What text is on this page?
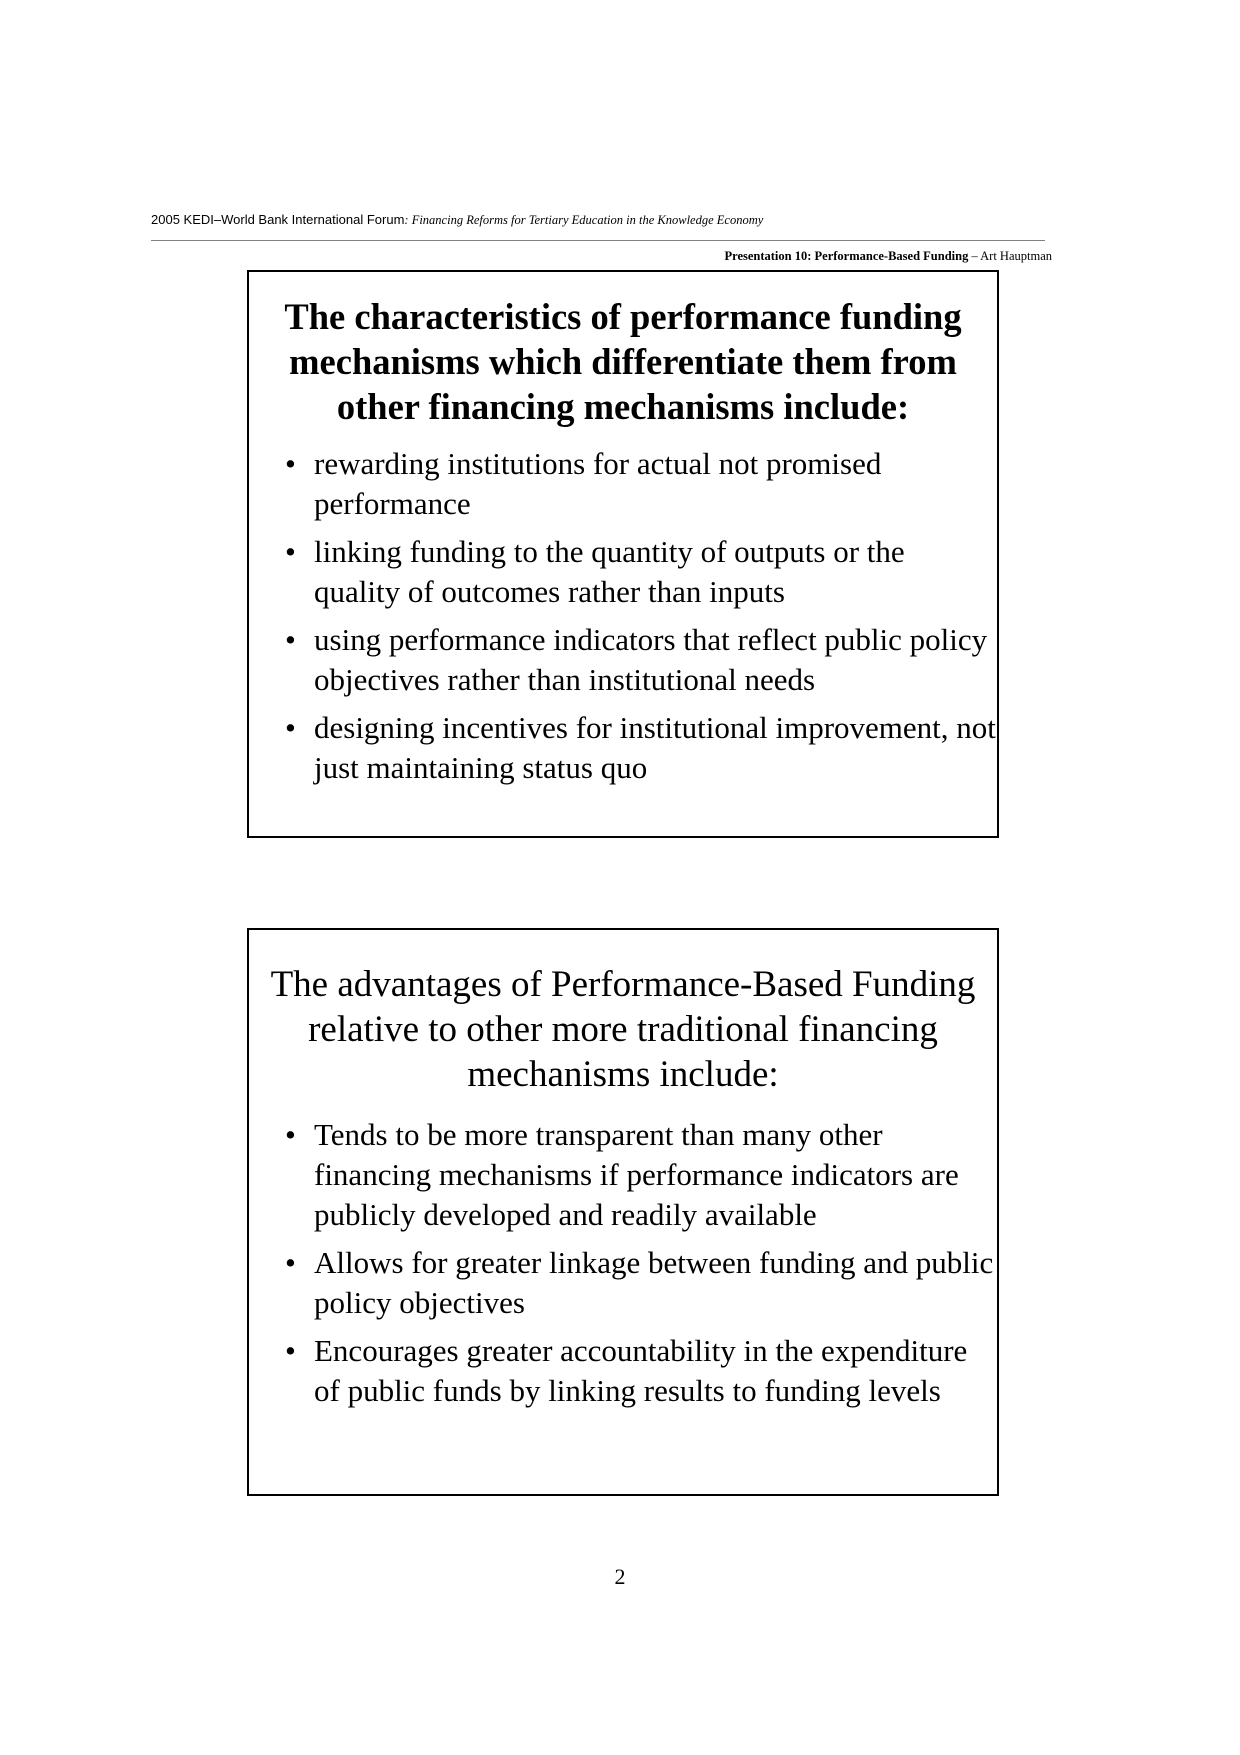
2005 KEDI–World Bank International Forum: Financing Reforms for Tertiary Education in the Knowledge Economy
Presentation 10: Performance-Based Funding – Art Hauptman
The characteristics of performance funding mechanisms which differentiate them from other financing mechanisms include:
• rewarding institutions for actual not promised performance
• linking funding to the quantity of outputs or the quality of outcomes rather than inputs
• using performance indicators that reflect public policy objectives rather than institutional needs
• designing incentives for institutional improvement, not just maintaining status quo
The advantages of Performance-Based Funding relative to other more traditional financing mechanisms include:
• Tends to be more transparent than many other financing mechanisms if performance indicators are publicly developed and readily available
• Allows for greater linkage between funding and public policy objectives
• Encourages greater accountability in the expenditure of public funds by linking results to funding levels
2
